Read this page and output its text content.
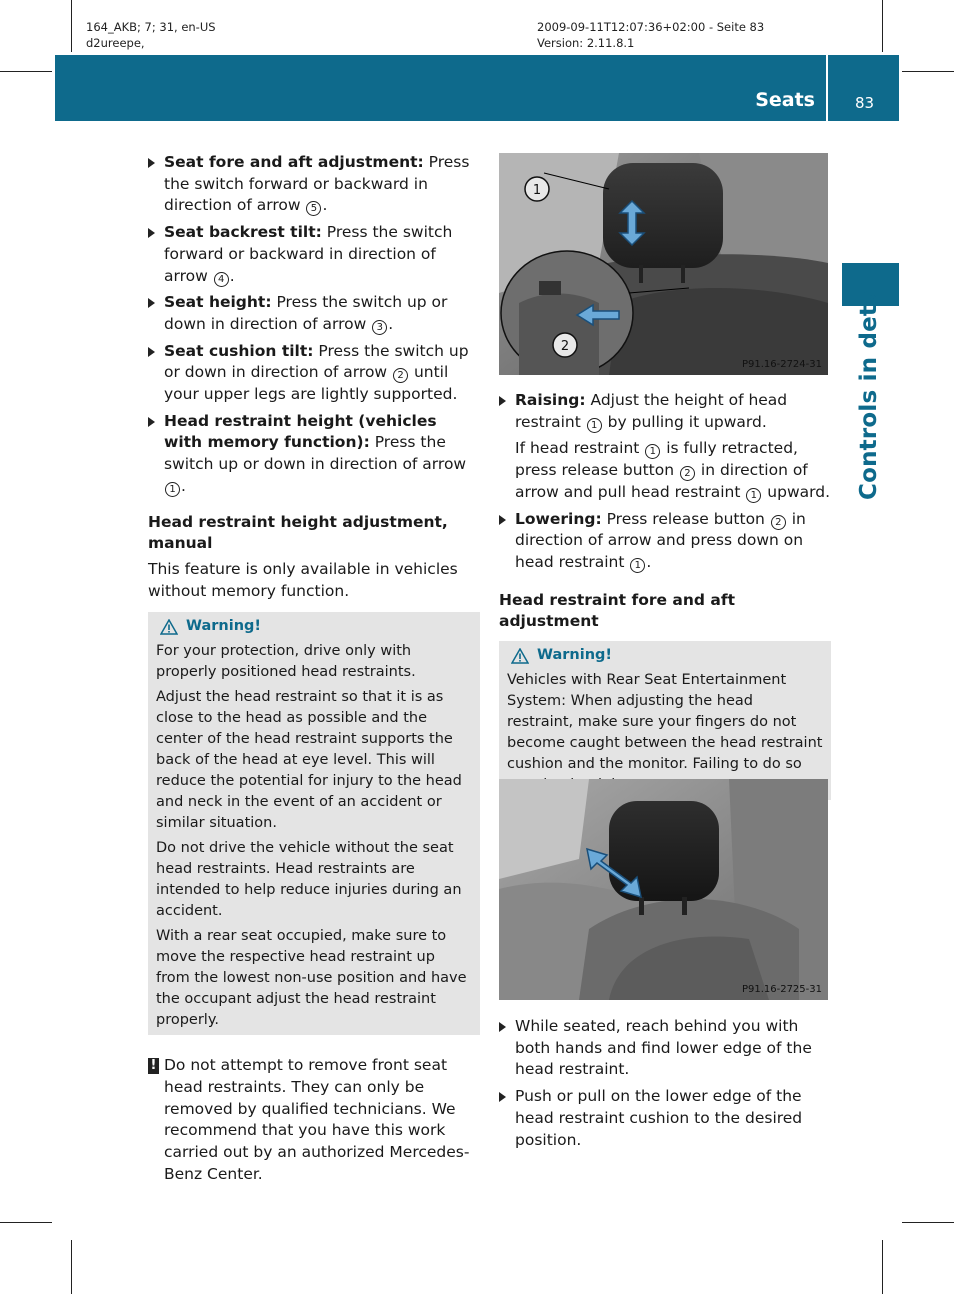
164_AKB; 7; 31, en-US
d2ureepe,
2009-09-11T12:07:36+02:00 - Seite 83
Version: 2.11.8.1
Seats	83
Controls in detail
Seat fore and aft adjustment: Press the switch forward or backward in direction of arrow 5 .
Seat backrest tilt: Press the switch forward or backward in direction of arrow 4 .
Seat height: Press the switch up or down in direction of arrow 3 .
Seat cushion tilt: Press the switch up or down in direction of arrow 2 until your upper legs are lightly supported.
Head restraint height (vehicles with memory function): Press the switch up or down in direction of arrow 1 .
Head restraint height adjustment, manual
This feature is only available in vehicles without memory function.
Warning!

For your protection, drive only with properly positioned head restraints.

Adjust the head restraint so that it is as close to the head as possible and the center of the head restraint supports the back of the head at eye level. This will reduce the potential for injury to the head and neck in the event of an accident or similar situation.

Do not drive the vehicle without the seat head restraints. Head restraints are intended to help reduce injuries during an accident.

With a rear seat occupied, make sure to move the respective head restraint up from the lowest non-use position and have the occupant adjust the head restraint properly.

! Do not attempt to remove front seat head restraints. They can only be removed by qualified technicians. We recommend that you have this work carried out by an authorized Mercedes-Benz Center.
1
2
P91.16-2724-31
Raising: Adjust the height of head restraint 1 by pulling it upward.
If head restraint 1 is fully retracted, press release button 2 in direction of arrow and pull head restraint 1 upward.
Lowering: Press release button 2 in direction of arrow and press down on head restraint 1 .
Head restraint fore and aft adjustment
Warning!

Vehicles with Rear Seat Entertainment System: When adjusting the head restraint, make sure your fingers do not become caught between the head restraint cushion and the monitor. Failing to do so

P91.16-2725-31
While seated, reach behind you with both hands and find lower edge of the head restraint.
Push or pull on the lower edge of the head restraint cushion to the desired position.
